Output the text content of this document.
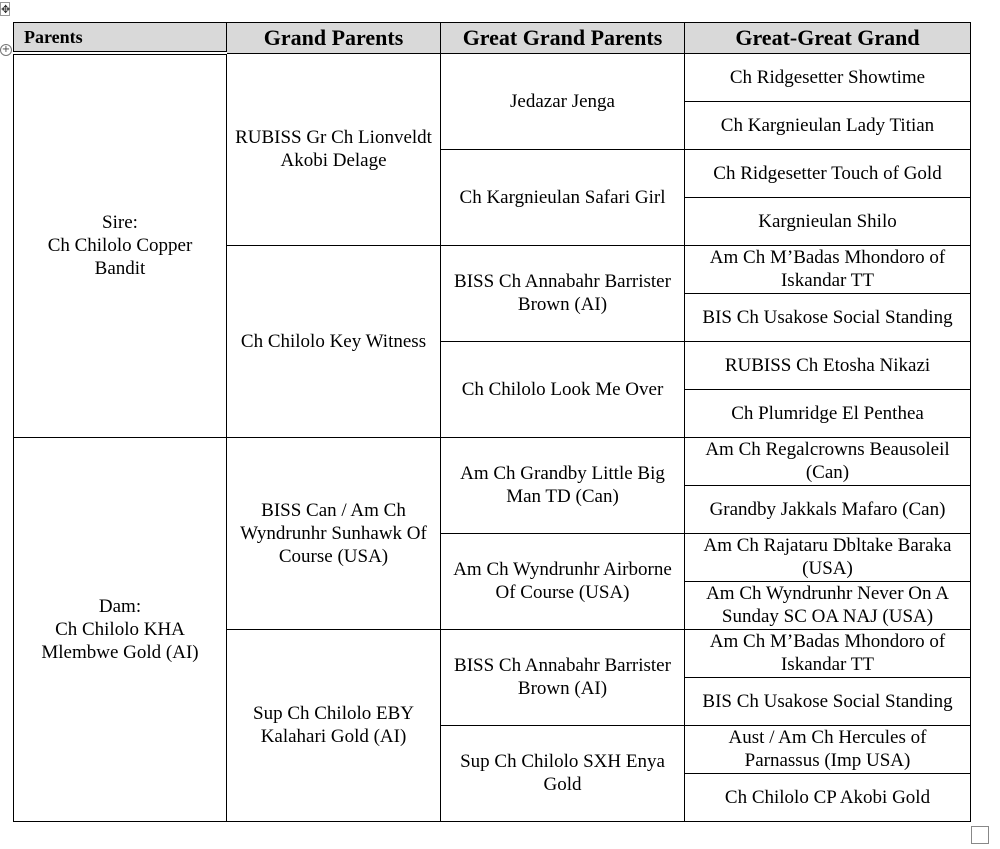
✥
+
Parents	Grand Parents	Great Grand Parents	Great-Great Grand

Sire:
Ch Chilolo Copper Bandit	RUBISS Gr Ch Lionveldt Akobi Delage	Jedazar Jenga	Ch Ridgesetter Showtime
			Ch Kargnieulan Lady Titian
		Ch Kargnieulan Safari Girl	Ch Ridgesetter Touch of Gold
			Kargnieulan Shilo
	Ch Chilolo Key Witness	BISS Ch Annabahr Barrister Brown (AI)	Am Ch M’Badas Mhondoro of Iskandar TT
			BIS Ch Usakose Social Standing
		Ch Chilolo Look Me Over	RUBISS Ch Etosha Nikazi
			Ch Plumridge El Penthea

Dam:
Ch Chilolo KHA Mlembwe Gold (AI)	BISS Can / Am Ch Wyndrunhr Sunhawk Of Course (USA)	Am Ch Grandby Little Big Man TD (Can)	Am Ch Regalcrowns Beausoleil (Can)
			Grandby Jakkals Mafaro (Can)
		Am Ch Wyndrunhr Airborne Of Course (USA)	Am Ch Rajataru Dbltake Baraka (USA)
			Am Ch Wyndrunhr Never On A Sunday SC OA NAJ (USA)
	Sup Ch Chilolo EBY Kalahari Gold (AI)	BISS Ch Annabahr Barrister Brown (AI)	Am Ch M’Badas Mhondoro of Iskandar TT
			BIS Ch Usakose Social Standing
		Sup Ch Chilolo SXH Enya Gold	Aust / Am Ch Hercules of Parnassus (Imp USA)
			Ch Chilolo CP Akobi Gold
